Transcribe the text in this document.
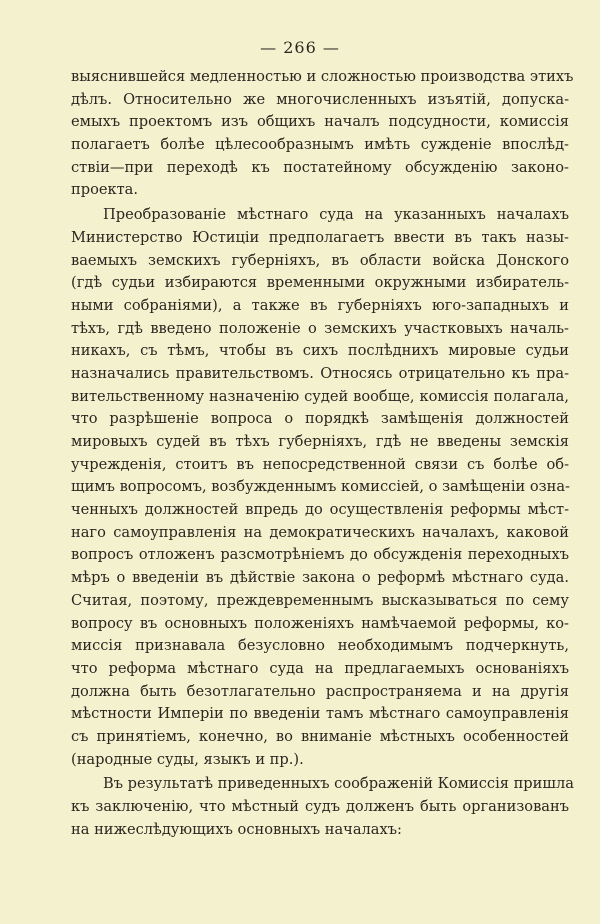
— 266 —
выяснившейся медленностью и сложностью производства этихъ
дѣлъ. Относительно же многочисленныхъ изъятій, допуска-
емыхъ проектомъ изъ общихъ началъ подсудности, комиссія
полагаетъ болѣе цѣлесообразнымъ имѣть сужденіе впослѣд-
ствіи—при переходѣ къ постатейному обсужденію законо-
проекта.
Преобразованіе мѣстнаго суда на указанныхъ началахъ
Министерство Юстиціи предполагаетъ ввести въ такъ назы-
ваемыхъ земскихъ губерніяхъ, въ области войска Донского
(гдѣ судьи избираются временными окружными избиратель-
ными собраніями), а также въ губерніяхъ юго-западныхъ и
тѣхъ, гдѣ введено положеніе о земскихъ участковыхъ началь-
никахъ, съ тѣмъ, чтобы въ сихъ послѣднихъ мировые судьи
назначались правительствомъ. Относясь отрицательно къ пра-
вительственному назначенію судей вообще, комиссія полагала,
что разрѣшеніе вопроса о порядкѣ замѣщенія должностей
мировыхъ судей въ тѣхъ губерніяхъ, гдѣ не введены земскія
учрежденія, стоитъ въ непосредственной связи съ болѣе об-
щимъ вопросомъ, возбужденнымъ комиссіей, о замѣщеніи озна-
ченныхъ должностей впредь до осуществленія реформы мѣст-
наго самоуправленія на демократическихъ началахъ, каковой
вопросъ отложенъ разсмотрѣніемъ до обсужденія переходныхъ
мѣръ о введеніи въ дѣйствіе закона о реформѣ мѣстнаго суда.
Считая, поэтому, преждевременнымъ высказываться по сему
вопросу въ основныхъ положеніяхъ намѣчаемой реформы, ко-
миссія признавала безусловно необходимымъ подчеркнуть,
что реформа мѣстнаго суда на предлагаемыхъ основаніяхъ
должна быть безотлагательно распространяема и на другія
мѣстности Имперіи по введеніи тамъ мѣстнаго самоуправленія
съ принятіемъ, конечно, во вниманіе мѣстныхъ особенностей
(народные суды, языкъ и пр.).
Въ результатѣ приведенныхъ соображеній Комиссія пришла
къ заключенію, что мѣстный судъ долженъ быть организованъ
на нижеслѣдующихъ основныхъ началахъ:
